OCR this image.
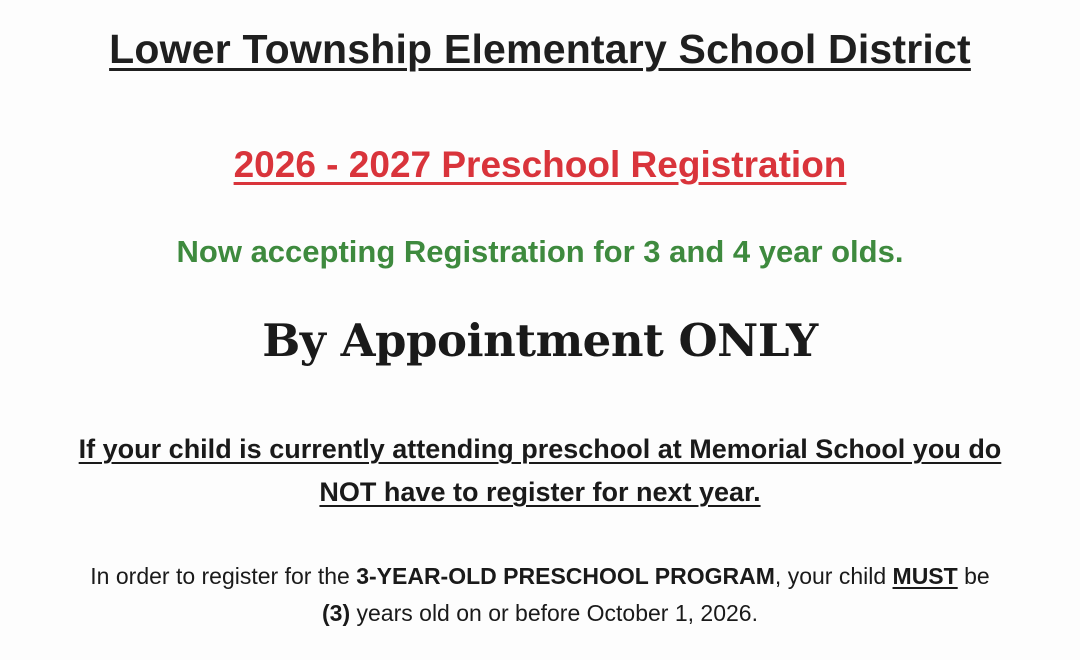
Lower Township Elementary School District
2026 - 2027 Preschool Registration

Now accepting Registration for 3 and 4 year olds.

By Appointment ONLY

If your child is currently attending preschool at Memorial School you do

NOT have to register for next year.

In order to register for the 3-YEAR-OLD PRESCHOOL PROGRAM, your child MUST be

(3) years old on or before October 1, 2026.
